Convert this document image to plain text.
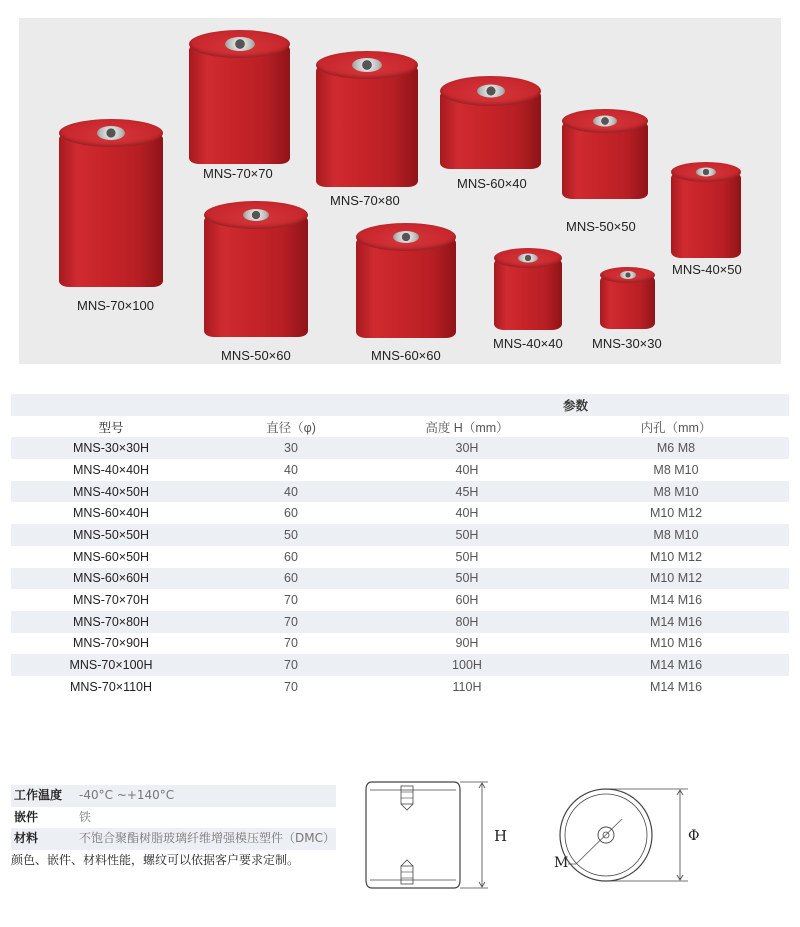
MNS-70×100
MNS-70×70
MNS-70×80
MNS-60×40
MNS-50×50
MNS-40×50
MNS-50×60	MNS-60×60
MNS-40×40 MNS-30×30
			参数
型号	直径（φ)	高度 H（mm）	内孔（mm）
MNS-30×30H	30	30H	M6 M8
MNS-40×40H	40	40H	M8 M10
MNS-40×50H	40	45H	M8 M10
MNS-60×40H	60	40H	M10 M12
MNS-50×50H	50	50H	M8 M10
MNS-60×50H	60	50H	M10 M12
MNS-60×60H	60	50H	M10 M12
MNS-70×70H	70	60H	M14 M16
MNS-70×80H	70	80H	M14 M16
MNS-70×90H	70	90H	M10 M16
MNS-70×100H	70	100H	M14 M16
MNS-70×110H	70	110H	M14 M16
工作温度 -40°C ~+140°C
嵌件	铁
材料	不饱合聚酯树脂玻璃纤维增强模压塑件（DMC）
颜色、嵌件、材料性能，螺纹可以依据客户要求定制。
H	Φ
M
